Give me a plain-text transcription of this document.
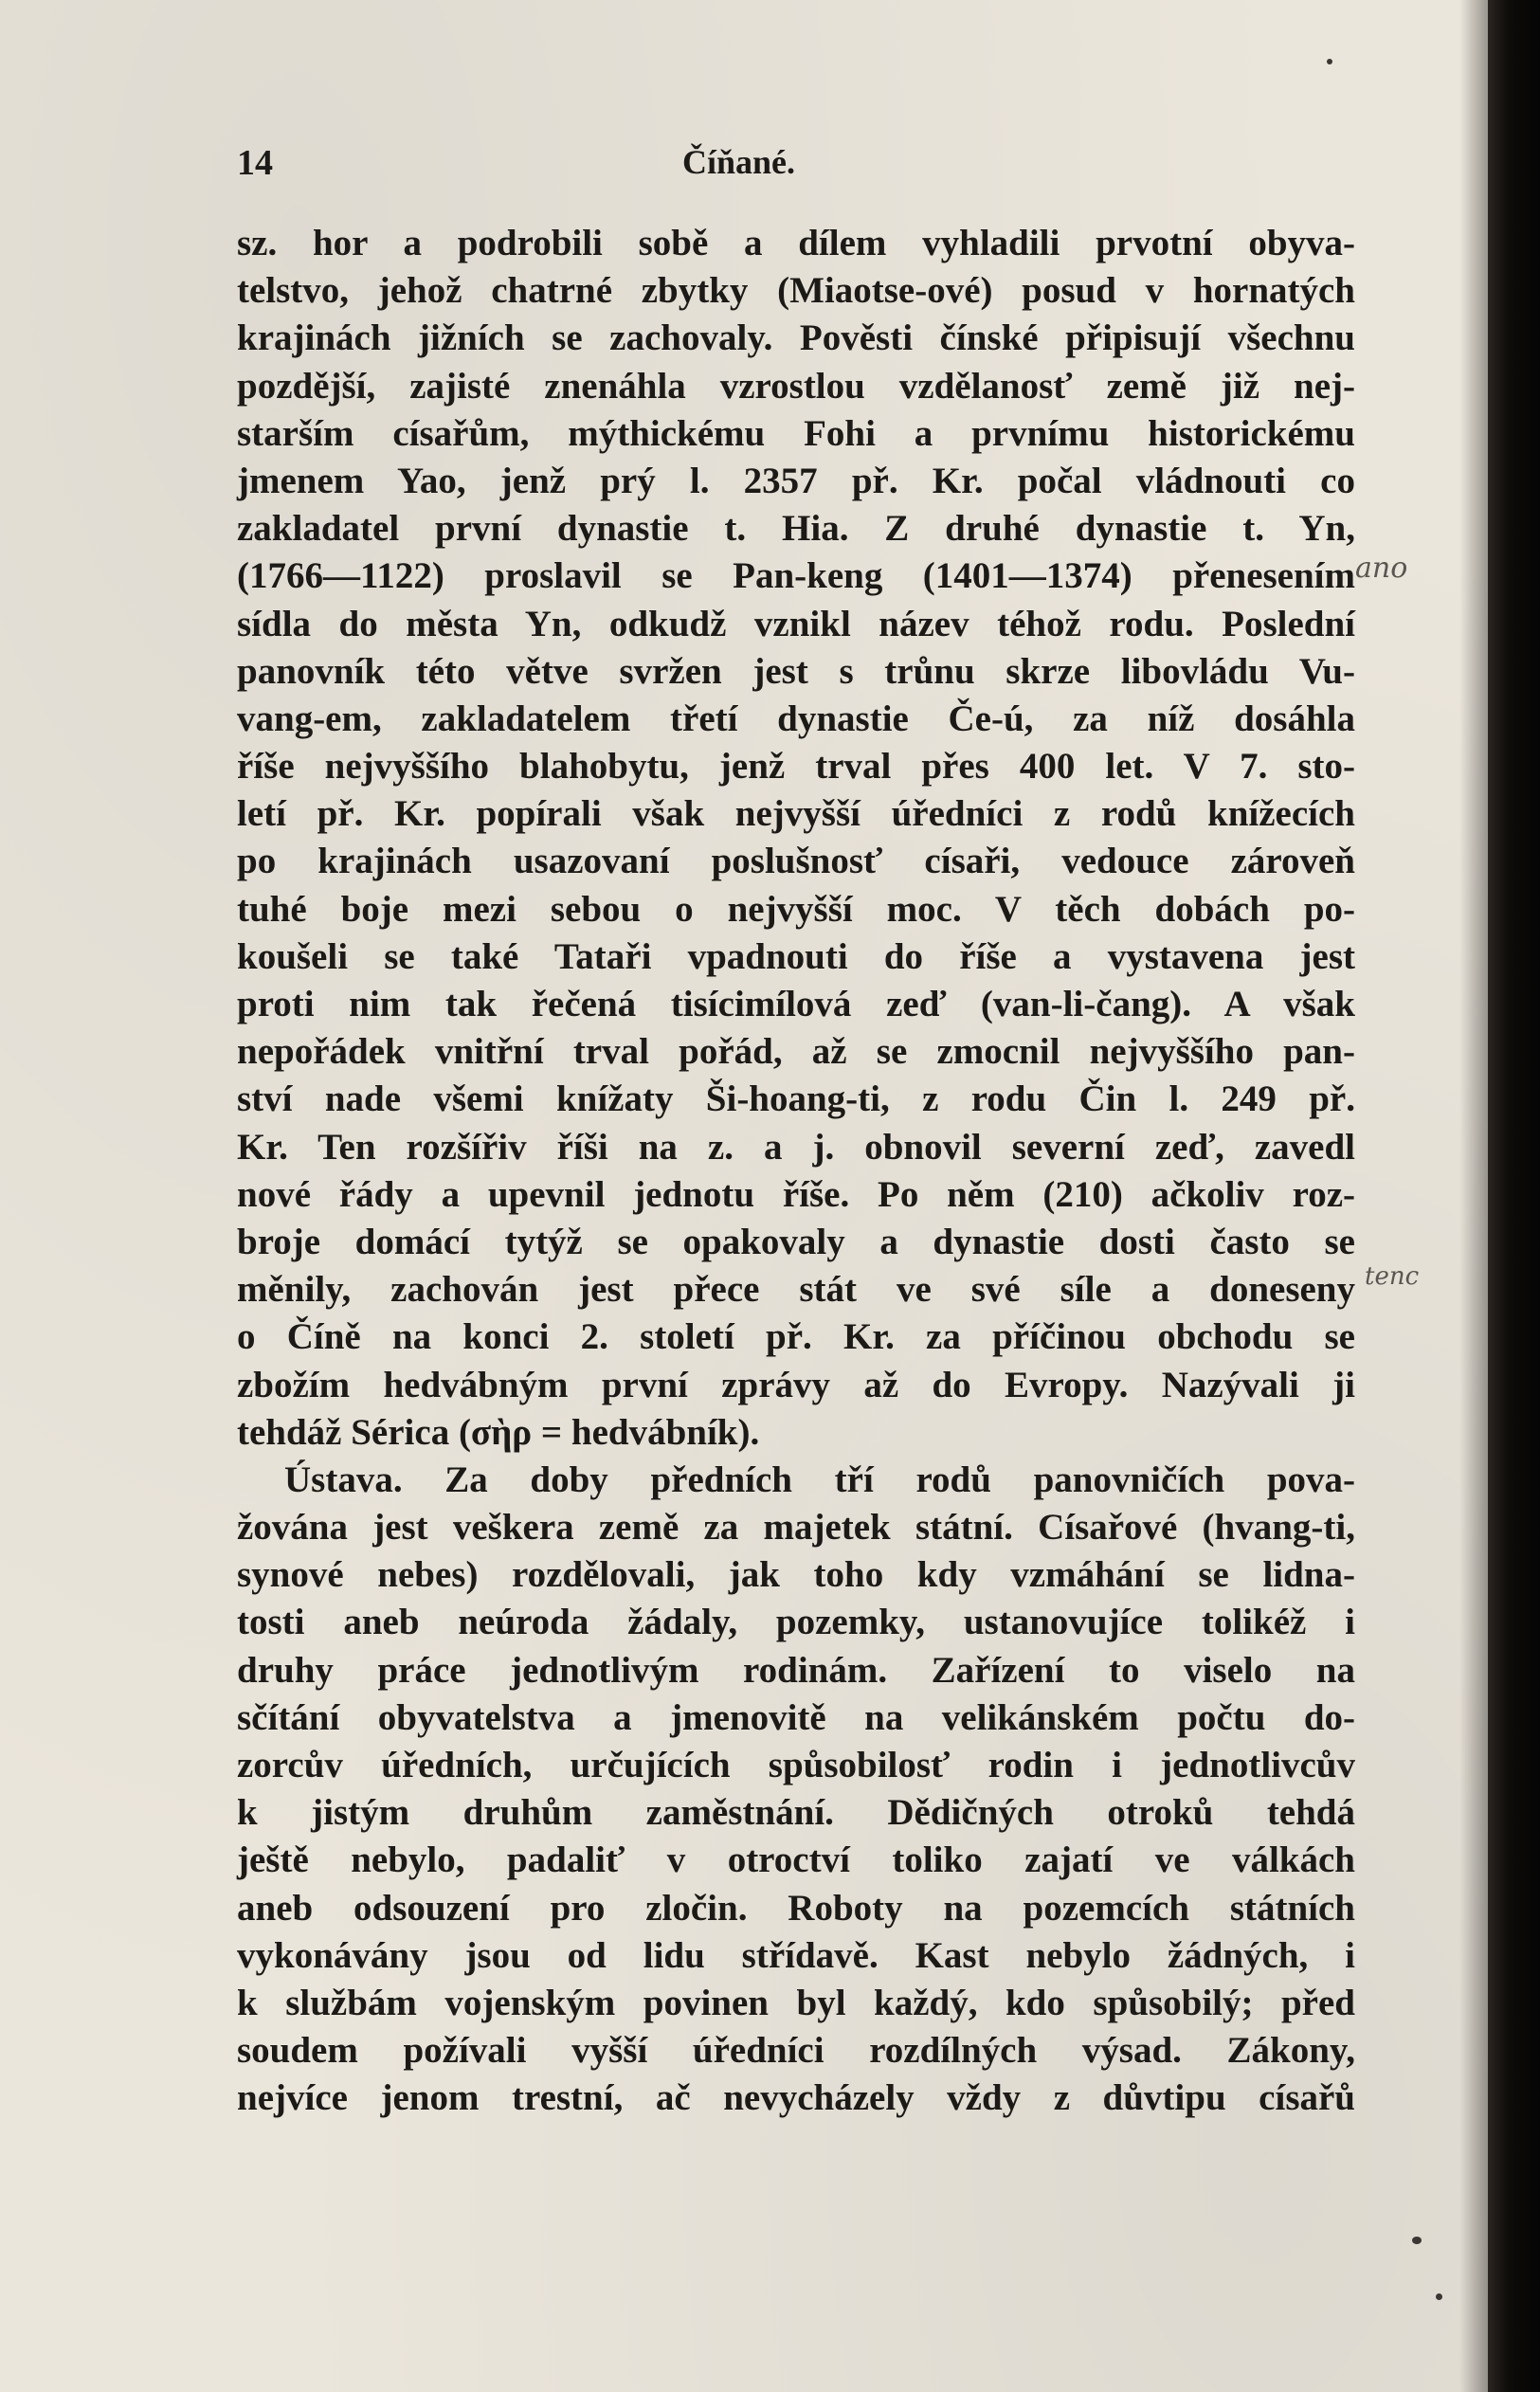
14	Číňané.
sz. hor a podrobili sobě a dílem vyhladili prvotní obyva-
telstvo, jehož chatrné zbytky (Miaotse-ové) posud v hornatých
krajinách jižních se zachovaly. Pověsti čínské připisují všechnu
pozdější, zajisté znenáhla vzrostlou vzdělanosť země již nej-
starším císařům, mýthickému Fohi a prvnímu historickému
jmenem Yao, jenž prý l. 2357 př. Kr. počal vládnouti co
zakladatel první dynastie t. Hia. Z druhé dynastie t. Yn,
(1766—1122) proslavil se Pan-keng (1401—1374) přenesením
sídla do města Yn, odkudž vznikl název téhož rodu. Poslední
panovník této větve svržen jest s trůnu skrze libovládu Vu-
vang-em, zakladatelem třetí dynastie Če-ú, za níž dosáhla
říše nejvyššího blahobytu, jenž trval přes 400 let. V 7. sto-
letí př. Kr. popírali však nejvyšší úředníci z rodů knížecích
po krajinách usazovaní poslušnosť císaři, vedouce zároveň
tuhé boje mezi sebou o nejvyšší moc. V těch dobách po-
koušeli se také Tataři vpadnouti do říše a vystavena jest
proti nim tak řečená tisícimílová zeď (van-li-čang). A však
nepořádek vnitřní trval pořád, až se zmocnil nejvyššího pan-
ství nade všemi knížaty Ši-hoang-ti, z rodu Čin l. 249 př.
Kr. Ten rozšířiv říši na z. a j. obnovil severní zeď, zavedl
nové řády a upevnil jednotu říše. Po něm (210) ačkoliv roz-
broje domácí tytýž se opakovaly a dynastie dosti často se
měnily, zachován jest přece stát ve své síle a doneseny
o Číně na konci 2. století př. Kr. za příčinou obchodu se
zbožím hedvábným první zprávy až do Evropy. Nazývali ji
tehdáž Sérica (σὴρ = hedvábník).
Ústava. Za doby předních tří rodů panovničích pova-
žována jest veškera země za majetek státní. Císařové (hvang-ti,
synové nebes) rozdělovali, jak toho kdy vzmáhání se lidna-
tosti aneb neúroda žádaly, pozemky, ustanovujíce tolikéž i
druhy práce jednotlivým rodinám. Zařízení to viselo na
sčítání obyvatelstva a jmenovitě na velikánském počtu do-
zorcův úředních, určujících spůsobilosť rodin i jednotlivcův
k jistým druhům zaměstnání. Dědičných otroků tehdá
ještě nebylo, padaliť v otroctví toliko zajatí ve válkách
aneb odsouzení pro zločin. Roboty na pozemcích státních
vykonávány jsou od lidu střídavě. Kast nebylo žádných, i
k službám vojenským povinen byl každý, kdo spůsobilý; před
soudem požívali vyšší úředníci rozdílných výsad. Zákony,
nejvíce jenom trestní, ač nevycházely vždy z důvtipu císařů
ano
tenc
